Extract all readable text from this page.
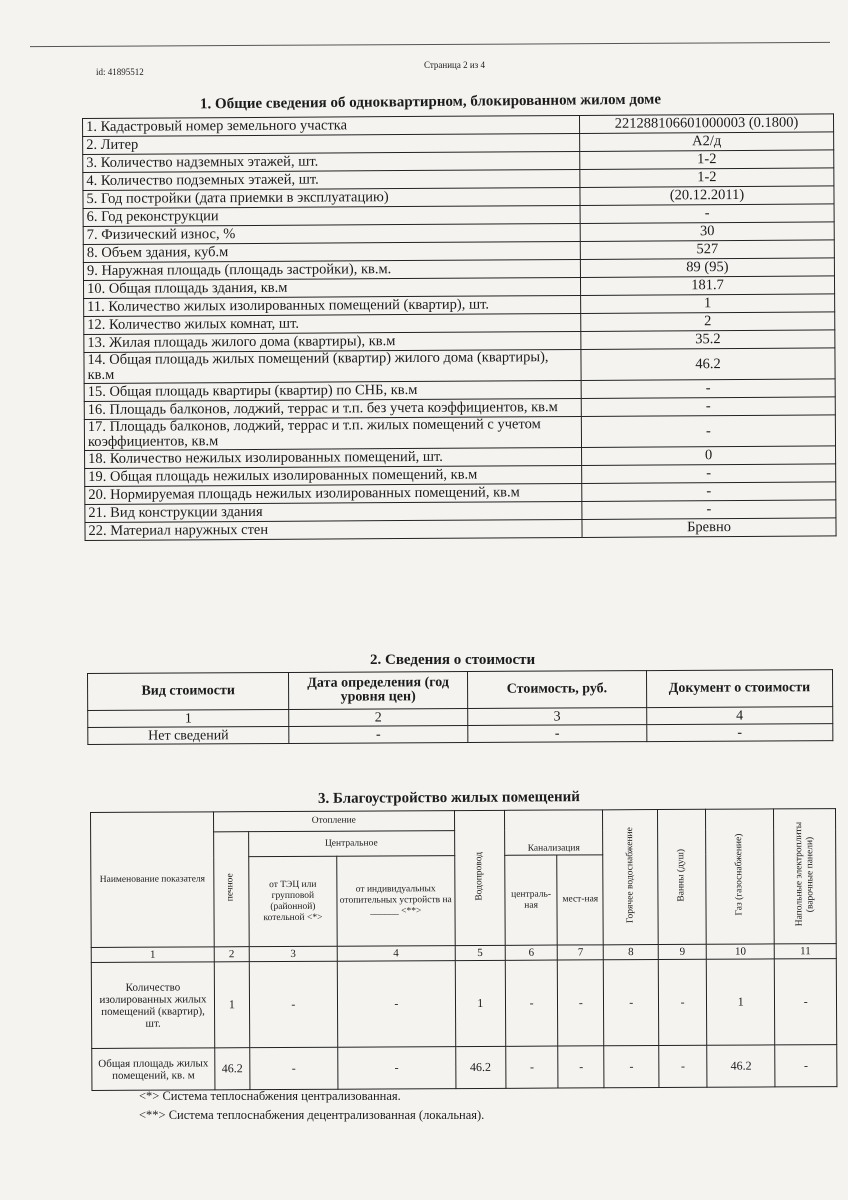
id: 41895512
Страница 2 из 4
1. Общие сведения об одноквартирном, блокированном жилом доме
1. Кадастровый номер земельного участка	221288106601000003 (0.1800)
2. Литер	А2/д
3. Количество надземных этажей, шт.	1-2
4. Количество подземных этажей, шт.	1-2
5. Год постройки (дата приемки в эксплуатацию)	(20.12.2011)
6. Год реконструкции	-
7. Физический износ, %	30
8. Объем здания, куб.м	527
9. Наружная площадь (площадь застройки), кв.м.	89 (95)
10. Общая площадь здания, кв.м	181.7
11. Количество жилых изолированных помещений (квартир), шт.	1
12. Количество жилых комнат, шт.	2
13. Жилая площадь жилого дома (квартиры), кв.м	35.2
14. Общая площадь жилых помещений (квартир) жилого дома (квартиры), кв.м	46.2
15. Общая площадь квартиры (квартир) по СНБ, кв.м	-
16. Площадь балконов, лоджий, террас и т.п. без учета коэффициентов, кв.м	-
17. Площадь балконов, лоджий, террас и т.п. жилых помещений с учетом коэффициентов, кв.м	-
18. Количество нежилых изолированных помещений, шт.	0
19. Общая площадь нежилых изолированных помещений, кв.м	-
20. Нормируемая площадь нежилых изолированных помещений, кв.м	-
21. Вид конструкции здания	-
22. Материал наружных стен	Бревно
2. Сведения о стоимости
Вид стоимости	Дата определения (год уровня цен)	Стоимость, руб.	Документ о стоимости
1	2	3	4
Нет сведений	-	-	-
3. Благоустройство жилых помещений
Наименование показателя	Отопление			Водопровод	Канализация		Горячее водоснабжение	Ванны (душ)	Газ (газоснабжение)	Напольные электроплиты (варочные панели)
	печное	Центральное								
		от ТЭЦ или групповой (районной) котельной <*>	от индивидуальных отопительных устройств на ______ <**>		централь-ная	мест-ная				
1	2	3	4	5	6	7	8	9	10	11
Количество изолированных жилых помещений (квартир), шт.	1	-	-	1	-	-	-	-	1	-
Общая площадь жилых помещений, кв. м	46.2	-	-	46.2	-	-	-	-	46.2	-
<*> Система теплоснабжения централизованная.
<**> Система теплоснабжения децентрализованная (локальная).
